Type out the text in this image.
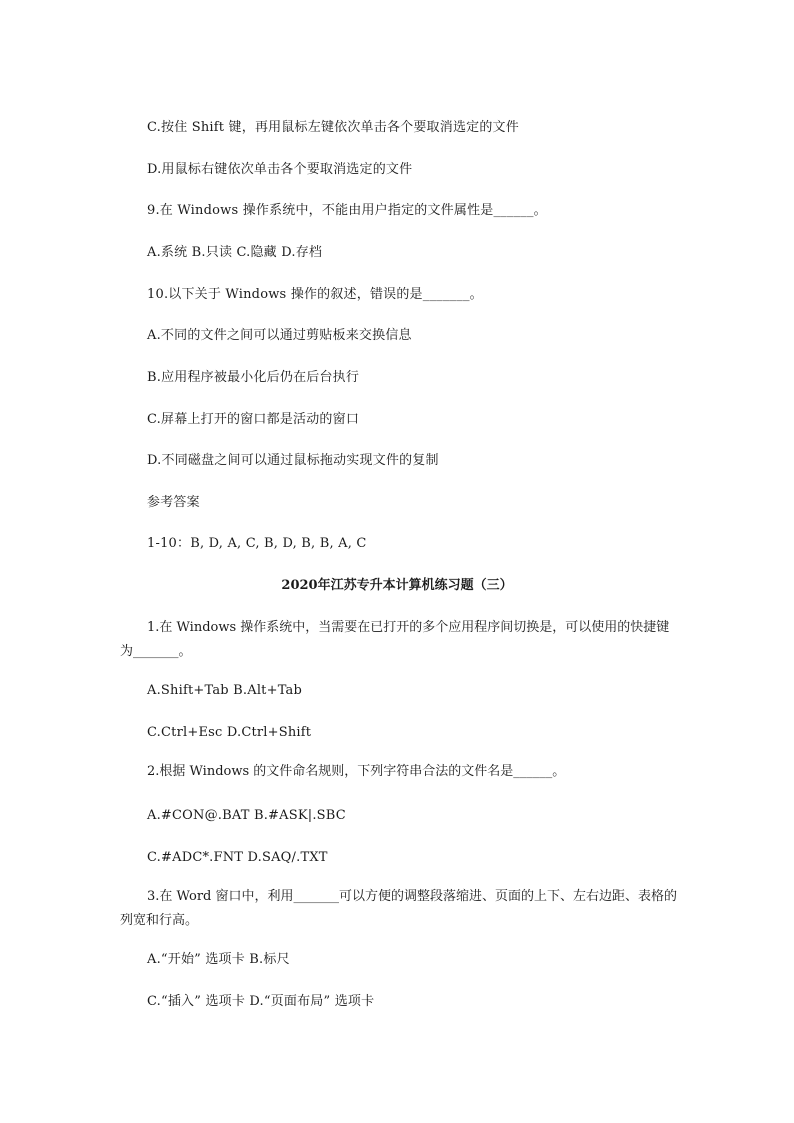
C.按住 Shift 键，再用鼠标左键依次单击各个要取消选定的文件
D.用鼠标右键依次单击各个要取消选定的文件
9.在 Windows 操作系统中，不能由用户指定的文件属性是______。
A.系统 B.只读 C.隐藏 D.存档
10.以下关于 Windows 操作的叙述，错误的是_______。
A.不同的文件之间可以通过剪贴板来交换信息
B.应用程序被最小化后仍在后台执行
C.屏幕上打开的窗口都是活动的窗口
D.不同磁盘之间可以通过鼠标拖动实现文件的复制
参考答案
1-10：B, D, A, C, B, D, B, B, A, C
2020年江苏专升本计算机练习题（三）
1.在 Windows 操作系统中，当需要在已打开的多个应用程序间切换是，可以使用的快捷键为_______。
A.Shift+Tab B.Alt+Tab
C.Ctrl+Esc D.Ctrl+Shift
2.根据 Windows 的文件命名规则，下列字符串合法的文件名是______。
A.#CON@.BAT B.#ASK|.SBC
C.#ADC*.FNT D.SAQ/.TXT
3.在 Word 窗口中，利用_______可以方便的调整段落缩进、页面的上下、左右边距、表格的列宽和行高。
A.“开始” 选项卡 B.标尺
C.“插入” 选项卡 D.“页面布局” 选项卡
